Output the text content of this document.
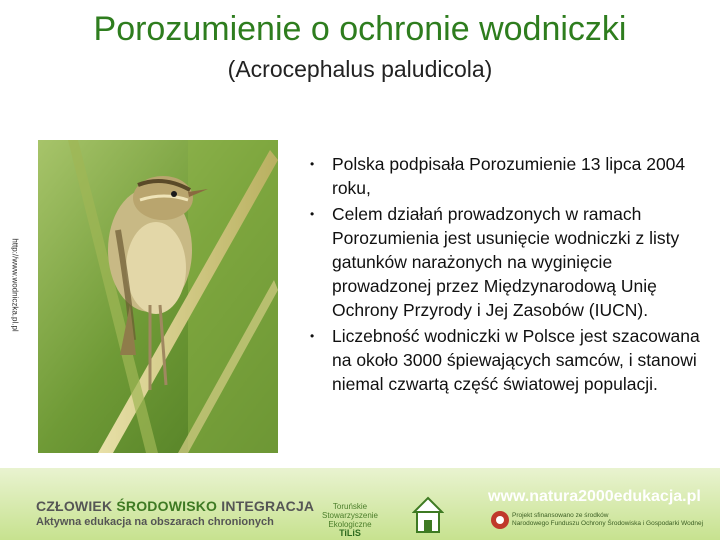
Porozumienie o ochronie wodniczki
(Acrocephalus paludicola)
http://www.wodniczka.pl.pl
• Polska podpisała Porozumienie 13 lipca 2004 roku,
• Celem działań prowadzonych w ramach Porozumienia jest usunięcie wodniczki z listy gatunków narażonych na wyginięcie prowadzonej przez Międzynarodową Unię Ochrony Przyrody i Jej Zasobów (IUCN).
• Liczebność wodniczki w Polsce jest szacowana na około 3000 śpiewających samców, i stanowi niemal czwartą część światowej populacji.
CZŁOWIEK ŚRODOWISKO INTEGRACJA
Aktywna edukacja na obszarach chronionych
Toruńskie
Stowarzyszenie
Ekologiczne
TiLiS
www.natura2000edukacja.pl
Projekt sfinansowano ze środków
Narodowego Funduszu Ochrony Środowiska i Gospodarki Wodnej
